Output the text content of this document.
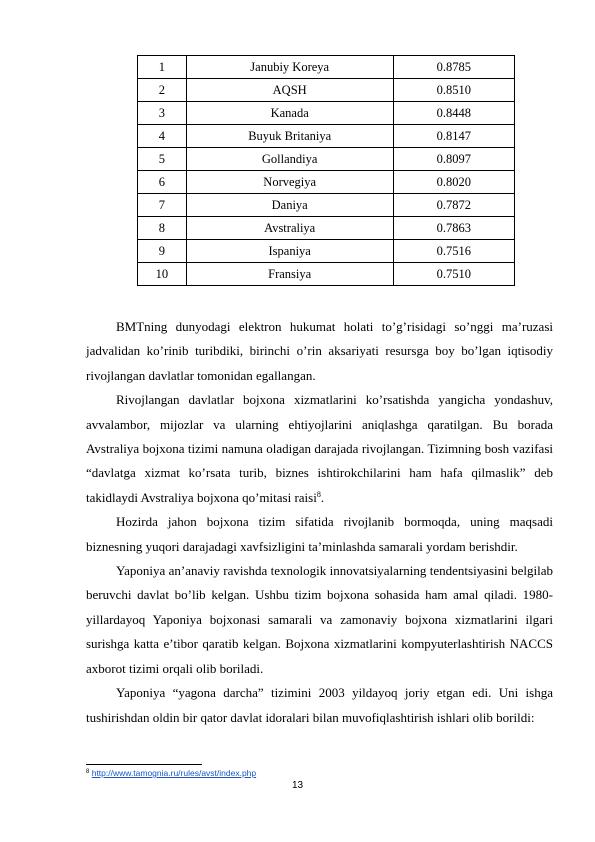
1	Janubiy Koreya	0.8785
2	AQSH	0.8510
3	Kanada	0.8448
4	Buyuk Britaniya	0.8147
5	Gollandiya	0.8097
6	Norvegiya	0.8020
7	Daniya	0.7872
8	Avstraliya	0.7863
9	Ispaniya	0.7516
10	Fransiya	0.7510

BMTning dunyodagi elektron hukumat holati to’g’risidagi so’nggi ma’ruzasi jadvalidan ko’rinib turibdiki, birinchi o’rin aksariyati resursga boy bo’lgan iqtisodiy rivojlangan davlatlar tomonidan egallangan.

Rivojlangan davlatlar bojxona xizmatlarini ko’rsatishda yangicha yondashuv, avvalambor, mijozlar va ularning ehtiyojlarini aniqlashga qaratilgan. Bu borada Avstraliya bojxona tizimi namuna oladigan darajada rivojlangan. Tizimning bosh vazifasi “davlatga xizmat ko’rsata turib, biznes ishtirokchilarini ham hafa qilmaslik” deb takidlaydi Avstraliya bojxona qo’mitasi raisi$^8$.

Hozirda jahon bojxona tizim sifatida rivojlanib bormoqda, uning maqsadi biznesning yuqori darajadagi xavfsizligini ta’minlashda samarali yordam berishdir.

Yaponiya an’anaviy ravishda texnologik innovatsiyalarning tendentsiyasini belgilab beruvchi davlat bo’lib kelgan. Ushbu tizim bojxona sohasida ham amal qiladi. 1980-yillardayoq Yaponiya bojxonasi samarali va zamonaviy bojxona xizmatlarini ilgari surishga katta e’tibor qaratib kelgan. Bojxona xizmatlarini kompyuterlashtirish NACCS axborot tizimi orqali olib boriladi.

Yaponiya “yagona darcha” tizimini 2003 yildayoq joriy etgan edi. Uni ishga tushirishdan oldin bir qator davlat idoralari bilan muvofiqlashtirish ishlari olib borildi:

$^8$ http://www.tamognia.ru/rules/avst/index.php
13
